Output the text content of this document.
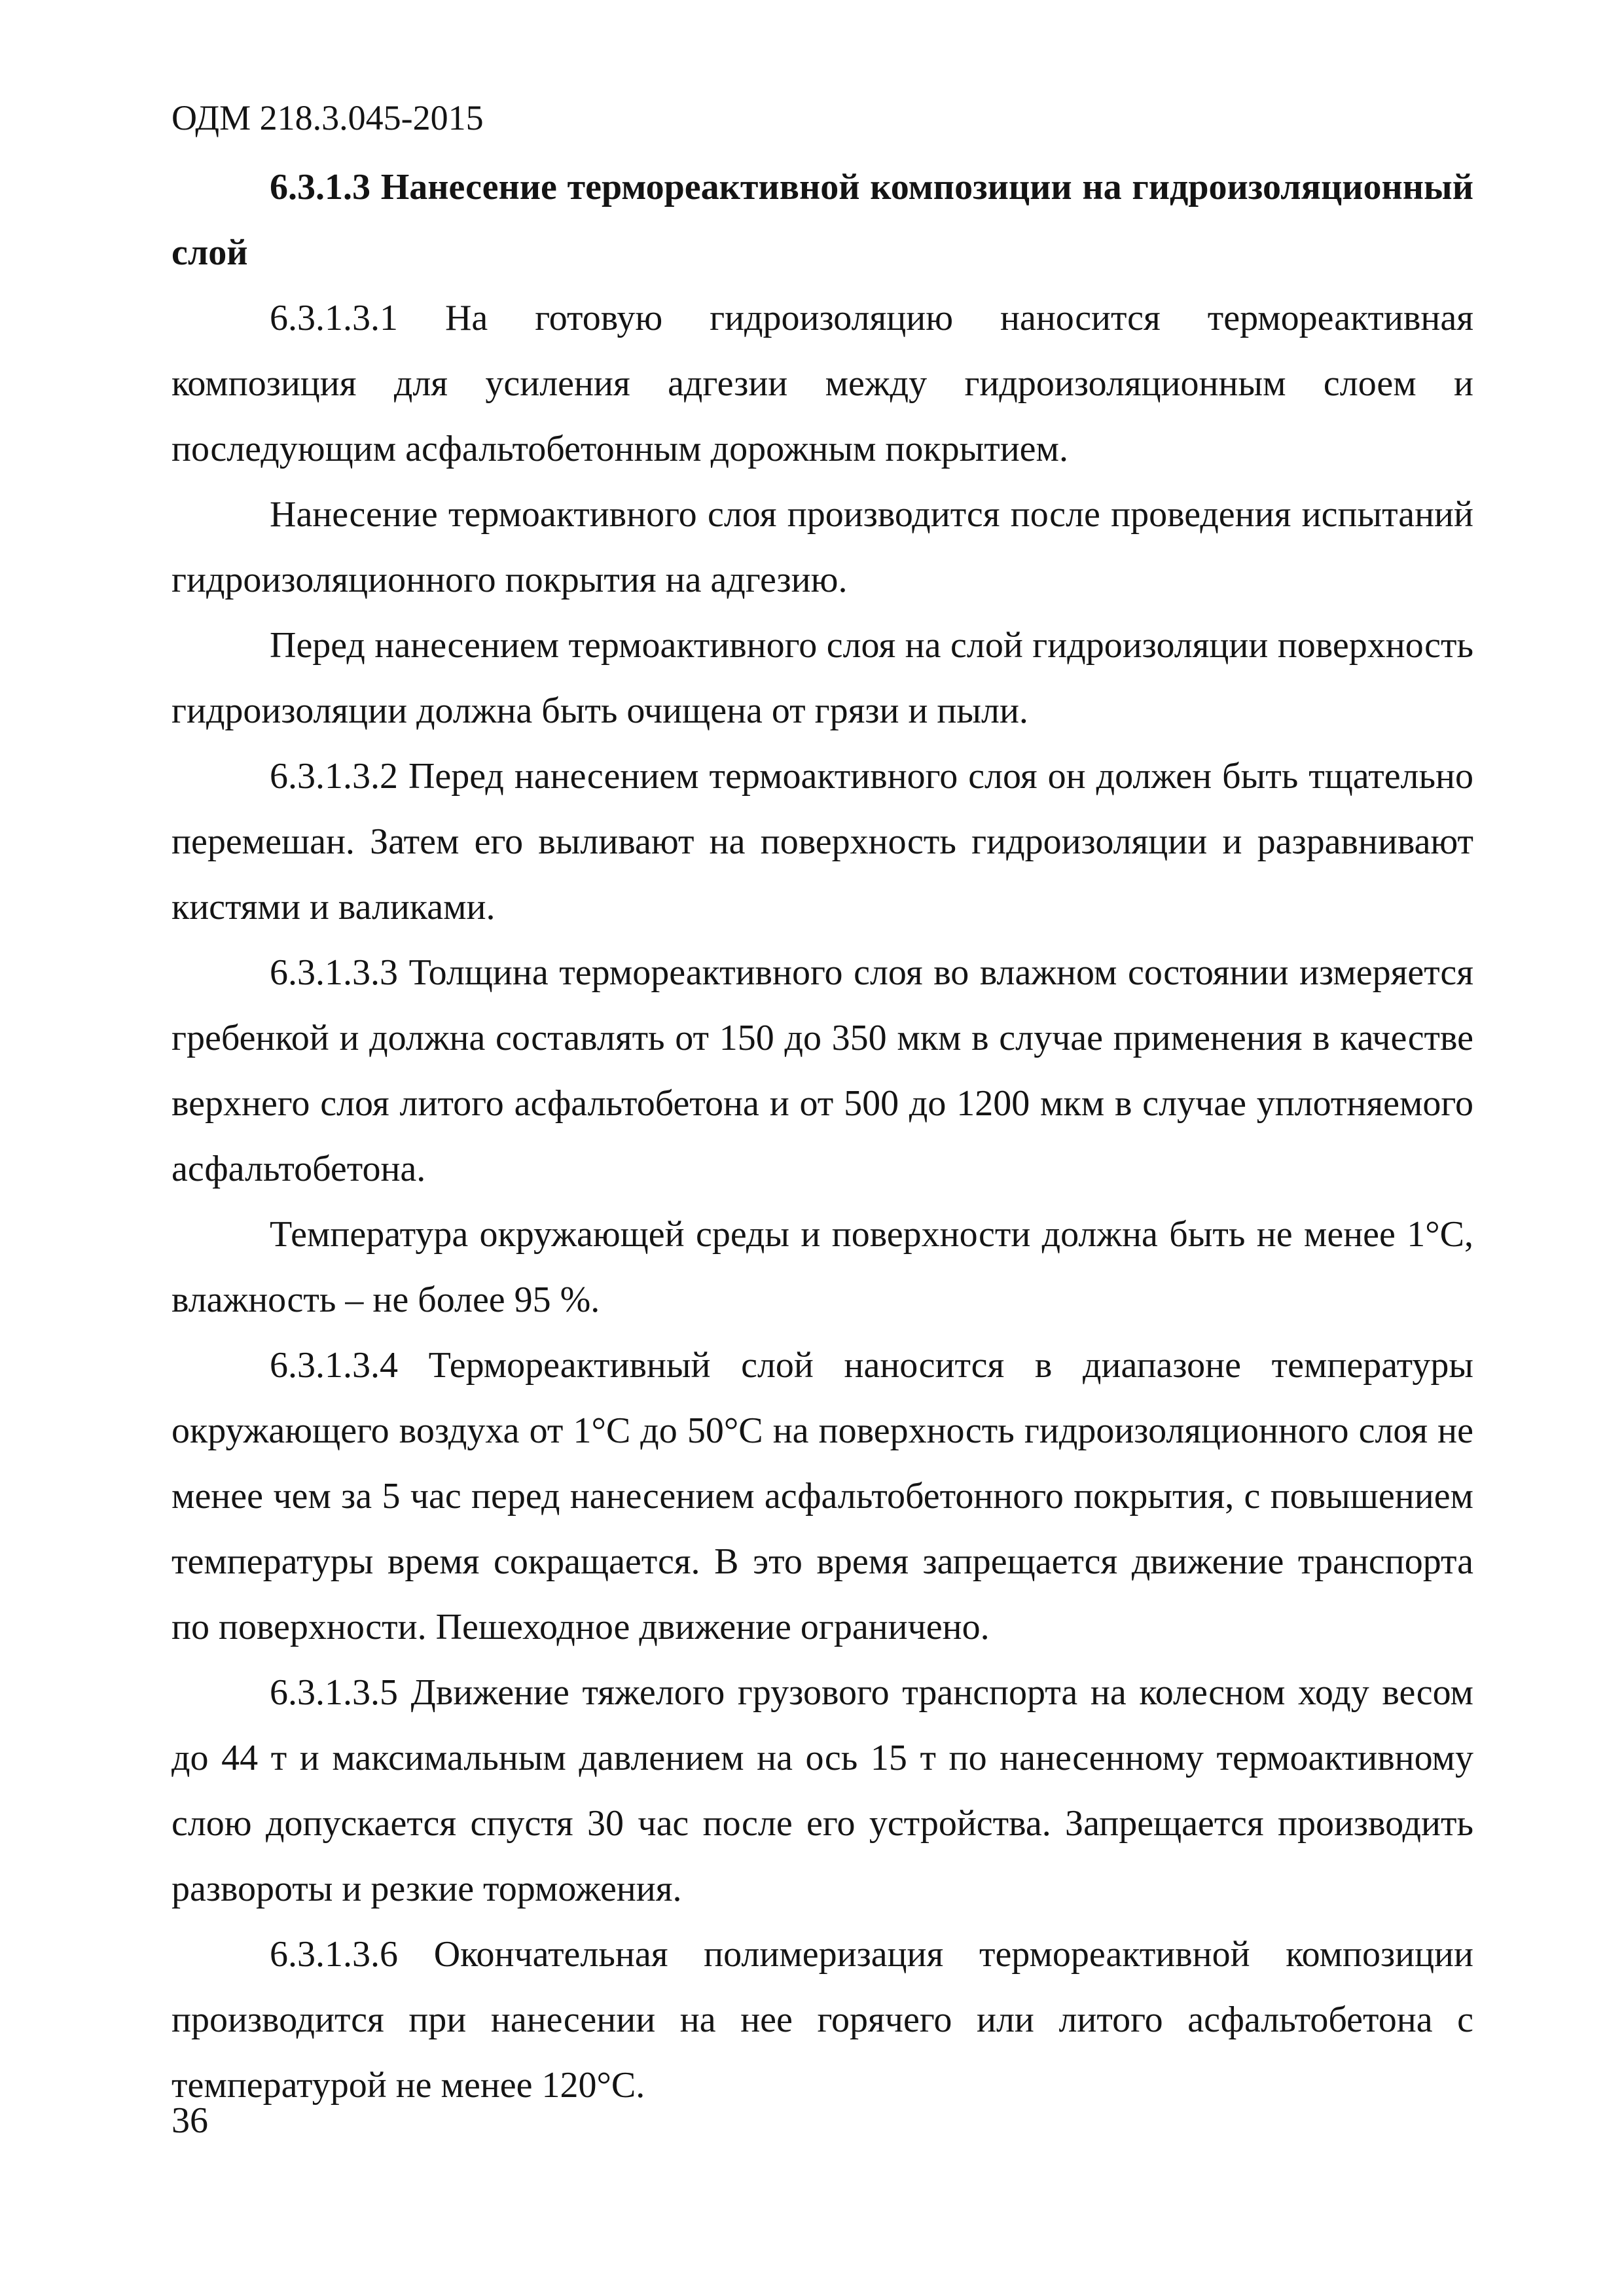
ОДМ 218.3.045-2015

6.3.1.3 Нанесение термореактивной композиции на гидроизоляционный слой

6.3.1.3.1 На готовую гидроизоляцию наносится термореактивная композиция для усиления адгезии между гидроизоляционным слоем и последующим асфальтобетонным дорожным покрытием.

Нанесение термоактивного слоя производится после проведения испытаний гидроизоляционного покрытия на адгезию.

Перед нанесением термоактивного слоя на слой гидроизоляции поверхность гидроизоляции должна быть очищена от грязи и пыли.

6.3.1.3.2 Перед нанесением термоактивного слоя он должен быть тщательно перемешан. Затем его выливают на поверхность гидроизоляции и разравнивают кистями и валиками.

6.3.1.3.3 Толщина термореактивного слоя во влажном состоянии измеряется гребенкой и должна составлять от 150 до 350 мкм в случае применения в качестве верхнего слоя литого асфальтобетона и от 500 до 1200 мкм в случае уплотняемого асфальтобетона.

Температура окружающей среды и поверхности должна быть не менее 1°С, влажность – не более 95 %.

6.3.1.3.4 Термореактивный слой наносится в диапазоне температуры окружающего воздуха от 1°С до 50°С на поверхность гидроизоляционного слоя не менее чем за 5 час перед нанесением асфальтобетонного покрытия, с повышением температуры время сокращается. В это время запрещается движение транспорта по поверхности. Пешеходное движение ограничено.

6.3.1.3.5 Движение тяжелого грузового транспорта на колесном ходу весом до 44 т и максимальным давлением на ось 15 т по нанесенному термоактивному слою допускается спустя 30 час после его устройства. Запрещается производить развороты и резкие торможения.

6.3.1.3.6 Окончательная полимеризация термореактивной композиции производится при нанесении на нее горячего или литого асфальтобетона с температурой не менее 120°С.

36
